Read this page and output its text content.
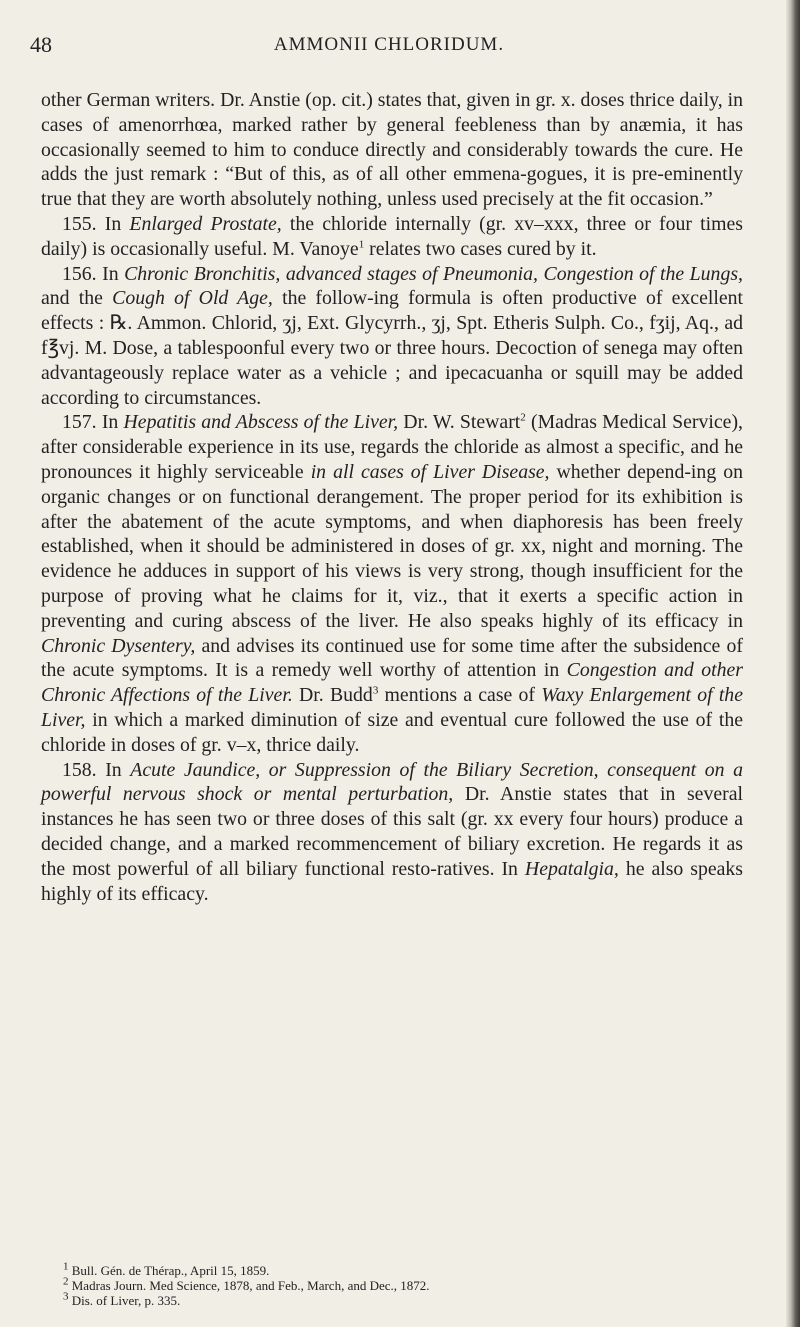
48	AMMONII CHLORIDUM.

other German writers. Dr. Anstie (op. cit.) states that, given in gr. x. doses thrice daily, in cases of amenorrhœa, marked rather by general feebleness than by anæmia, it has occasionally seemed to him to conduce directly and considerably towards the cure. He adds the just remark : “But of this, as of all other emmena-gogues, it is pre-eminently true that they are worth absolutely nothing, unless used precisely at the fit occasion.”

155. In Enlarged Prostate, the chloride internally (gr. xv–xxx, three or four times daily) is occasionally useful. M. Vanoye$^1$ relates two cases cured by it.

156. In Chronic Bronchitis, advanced stages of Pneumonia, Congestion of the Lungs, and the Cough of Old Age, the follow-ing formula is often productive of excellent effects : ℞. Ammon. Chlorid, ʒj, Ext. Glycyrrh., ʒj, Spt. Etheris Sulph. Co., fʒij, Aq., ad f℥vj. M. Dose, a tablespoonful every two or three hours. Decoction of senega may often advantageously replace water as a vehicle ; and ipecacuanha or squill may be added according to circumstances.

157. In Hepatitis and Abscess of the Liver, Dr. W. Stewart$^2$ (Madras Medical Service), after considerable experience in its use, regards the chloride as almost a specific, and he pronounces it highly serviceable in all cases of Liver Disease, whether depend-ing on organic changes or on functional derangement. The proper period for its exhibition is after the abatement of the acute symptoms, and when diaphoresis has been freely established, when it should be administered in doses of gr. xx, night and morning. The evidence he adduces in support of his views is very strong, though insufficient for the purpose of proving what he claims for it, viz., that it exerts a specific action in preventing and curing abscess of the liver. He also speaks highly of its efficacy in Chronic Dysentery, and advises its continued use for some time after the subsidence of the acute symptoms. It is a remedy well worthy of attention in Congestion and other Chronic Affections of the Liver. Dr. Budd$^3$ mentions a case of Waxy Enlargement of the Liver, in which a marked diminution of size and eventual cure followed the use of the chloride in doses of gr. v–x, thrice daily.

158. In Acute Jaundice, or Suppression of the Biliary Secretion, consequent on a powerful nervous shock or mental perturbation, Dr. Anstie states that in several instances he has seen two or three doses of this salt (gr. xx every four hours) produce a decided change, and a marked recommencement of biliary excretion. He regards it as the most powerful of all biliary functional resto-ratives. In Hepatalgia, he also speaks highly of its efficacy.

$^1$ Bull. Gén. de Thérap., April 15, 1859.
$^2$ Madras Journ. Med Science, 1878, and Feb., March, and Dec., 1872.
$^3$ Dis. of Liver, p. 335.
